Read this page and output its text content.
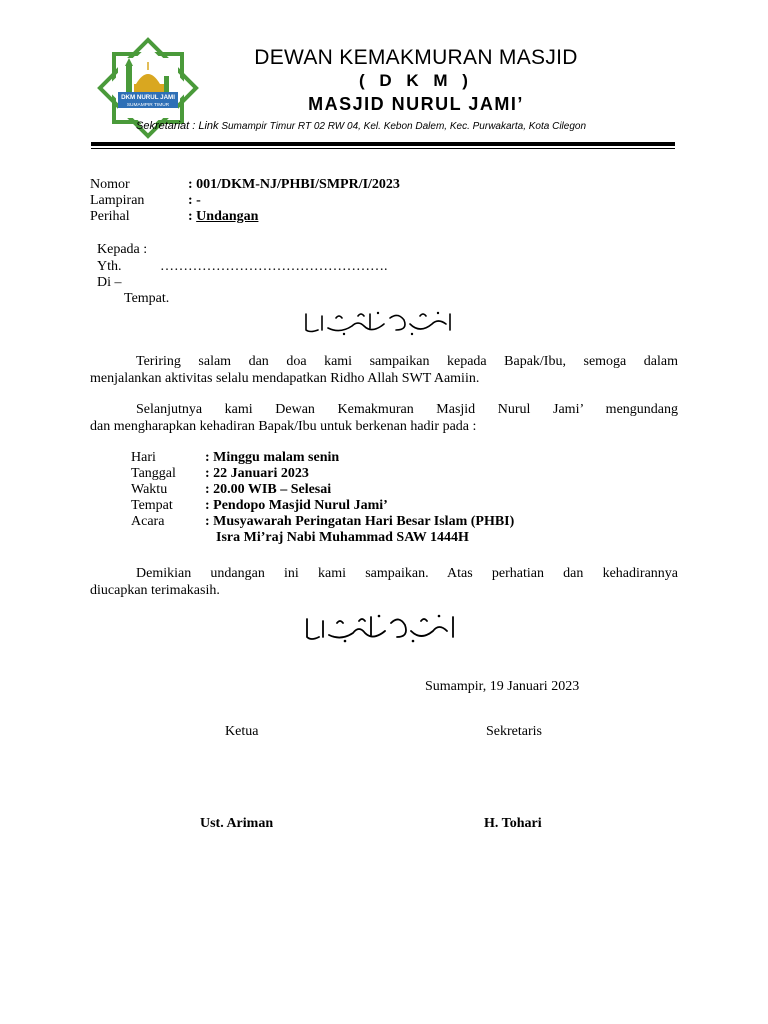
DKM NURUL JAMI
SUMAMPIR TIMUR
DEWAN KEMAKMURAN MASJID
( D K M )
MASJID NURUL JAMI’
Sekretariat : Link Sumampir Timur RT 02 RW 04, Kel. Kebon Dalem, Kec. Purwakarta, Kota Cilegon
Nomor	: 001/DKM-NJ/PHBI/SMPR/I/2023
Lampiran	: -
Perihal	: Undangan
Kepada :
Yth.	………………………………………….
Di –
Tempat.
Teriring salam dan doa kami sampaikan kepada Bapak/Ibu, semoga dalam
menjalankan aktivitas selalu mendapatkan Ridho Allah SWT Aamiin.
Selanjutnya kami Dewan Kemakmuran Masjid Nurul Jami’ mengundang
dan mengharapkan kehadiran Bapak/Ibu untuk berkenan hadir pada :
Hari	: Minggu malam senin
Tanggal : 22 Januari 2023
Waktu	: 20.00 WIB – Selesai
Tempat : Pendopo Masjid Nurul Jami’
Acara	: Musyawarah Peringatan Hari Besar Islam (PHBI)
Isra Mi’raj Nabi Muhammad SAW 1444H
Demikian undangan ini kami sampaikan. Atas perhatian dan kehadirannya
diucapkan terimakasih.
Sumampir, 19 Januari 2023
Ketua	Sekretaris
Ust. Ariman	H. Tohari
